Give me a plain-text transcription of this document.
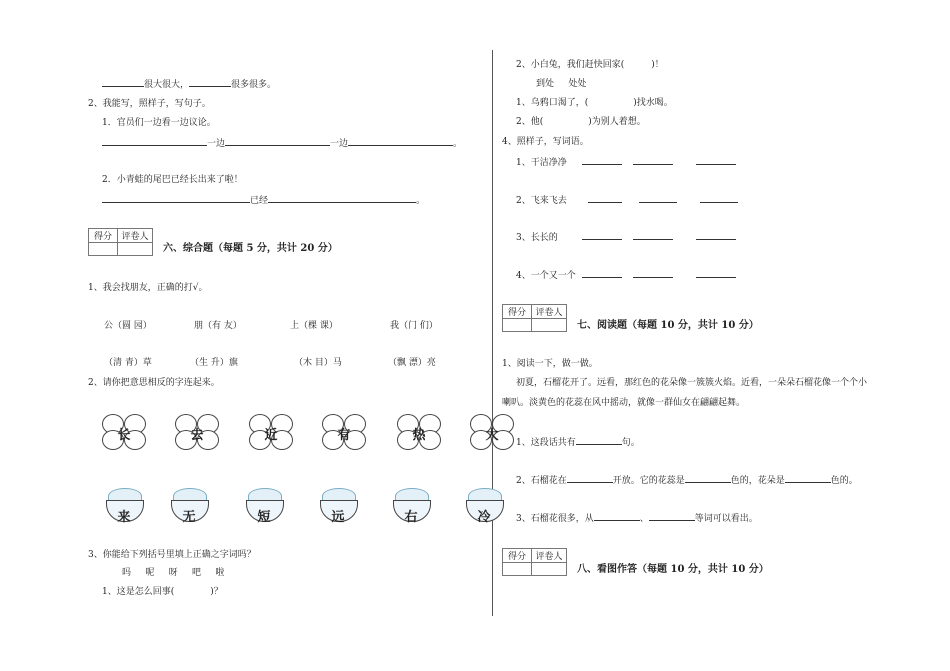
很大很大，	很多很多。
2、我能写，照样子，写句子。
1．官员们一边看一边议论。
一边	一边	。
2．小青蛙的尾巴已经长出来了啦！
已经	。
得分	评卷人

六、综合题（每题 5 分，共计 20 分）
1、我会找朋友，正确的打√。
公（圆 园）	朋（有 友）	上（棵 课）	我（门 们）
（清 青）草	（生 升）旗	（木 目）马	（飘 漂）亮
2、请你把意思相反的字连起来。
长	去	近	有	热	大
来	无	短	远	右	冷
3、你能给下列括号里填上正确之字词吗？
吗 呢 呀 吧 啦
1、这是怎么回事(　　　　)？
2、小白兔，我们赶快回家(　　　)！
到处 处处
1、乌鸦口渴了，(　　　　　)找水喝。
2、他(　　　　　)为别人着想。
4、照样子，写词语。
1、干洁净净
2、飞来飞去
3、长长的
4、一个又一个
得分	评卷人

七、阅读题（每题 10 分，共计 10 分）
1、阅读一下，做一做。
初夏，石榴花开了。远看，那红色的花朵像一簇簇火焰。近看，一朵朵石榴花像一个个小
喇叭。淡黄色的花蕊在风中摇动，就像一群仙女在翩翩起舞。
1、这段话共有	句。
2、石榴花在	开放。它的花蕊是	色的，花朵是	色的。
3、石榴花很多，从	、	等词可以看出。
得分	评卷人

八、看图作答（每题 10 分，共计 10 分）
